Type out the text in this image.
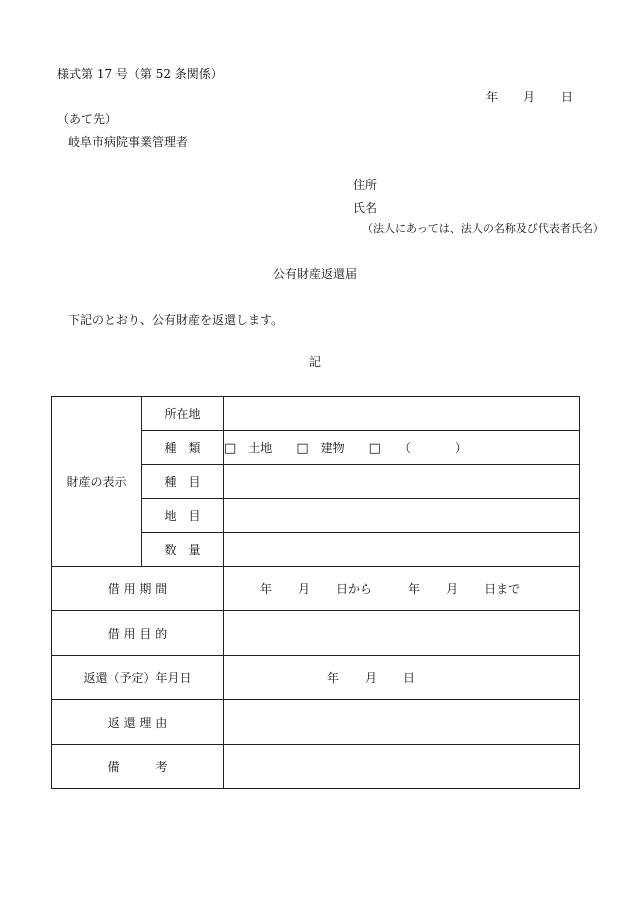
様式第 17 号（第 52 条関係）
年 月 日
（あて先）
岐阜市病院事業管理者
住所
氏名
（法人にあっては、法人の名称及び代表者氏名）
公有財産返還届
下記のとおり、公有財産を返還します。
記
財産の表示	所在地	
	種　類	□ 土地 □ 建物 □ （ ）
	種　目	
	地　目	
	数　量	
借 用 期 間		年 月 日から 年 月 日まで
借 用 目 的		
返還（予定）年月日		年 月 日
返 還 理 由		
備　　　考		
